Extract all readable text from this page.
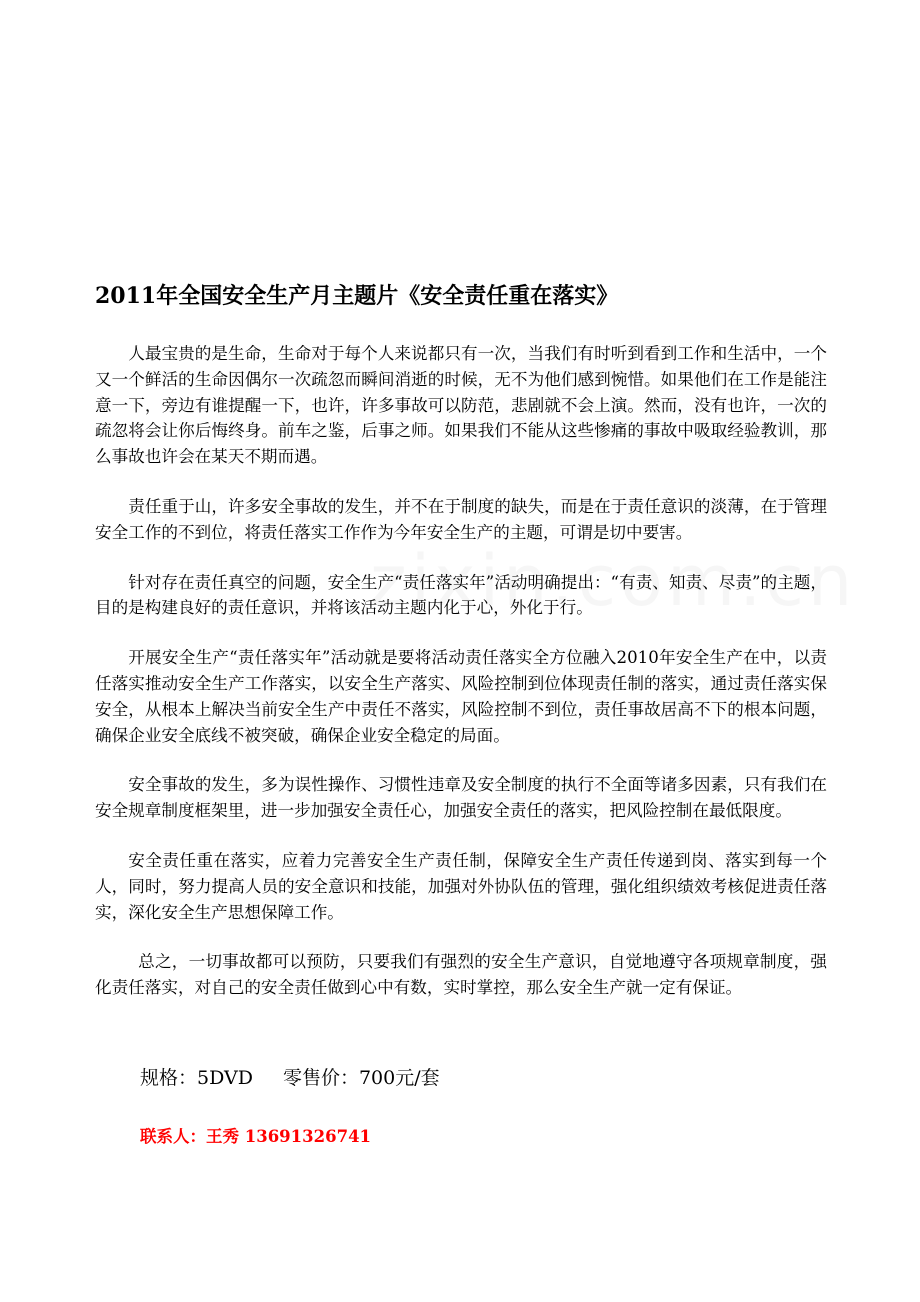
2011年全国安全生产月主题片《安全责任重在落实》

人最宝贵的是生命，生命对于每个人来说都只有一次，当我们有时听到看到工作和生活中，一个又一个鲜活的生命因偶尔一次疏忽而瞬间消逝的时候，无不为他们感到惋惜。如果他们在工作是能注意一下，旁边有谁提醒一下，也许，许多事故可以防范，悲剧就不会上演。然而，没有也许，一次的疏忽将会让你后悔终身。前车之鉴，后事之师。如果我们不能从这些惨痛的事故中吸取经验教训，那么事故也许会在某天不期而遇。

责任重于山，许多安全事故的发生，并不在于制度的缺失，而是在于责任意识的淡薄，在于管理安全工作的不到位，将责任落实工作作为今年安全生产的主题，可谓是切中要害。

针对存在责任真空的问题，安全生产“责任落实年”活动明确提出：“有责、知责、尽责”的主题，目的是构建良好的责任意识，并将该活动主题内化于心，外化于行。

开展安全生产“责任落实年”活动就是要将活动责任落实全方位融入2010年安全生产在中，以责任落实推动安全生产工作落实，以安全生产落实、风险控制到位体现责任制的落实，通过责任落实保安全，从根本上解决当前安全生产中责任不落实，风险控制不到位，责任事故居高不下的根本问题，确保企业安全底线不被突破，确保企业安全稳定的局面。

安全事故的发生，多为误性操作、习惯性违章及安全制度的执行不全面等诸多因素，只有我们在安全规章制度框架里，进一步加强安全责任心，加强安全责任的落实，把风险控制在最低限度。

安全责任重在落实，应着力完善安全生产责任制，保障安全生产责任传递到岗、落实到每一个人，同时，努力提高人员的安全意识和技能，加强对外协队伍的管理，强化组织绩效考核促进责任落实，深化安全生产思想保障工作。

总之，一切事故都可以预防，只要我们有强烈的安全生产意识，自觉地遵守各项规章制度，强化责任落实，对自己的安全责任做到心中有数，实时掌控，那么安全生产就一定有保证。

规格：5DVD 零售价：700元/套
联系人：王秀 13691326741
